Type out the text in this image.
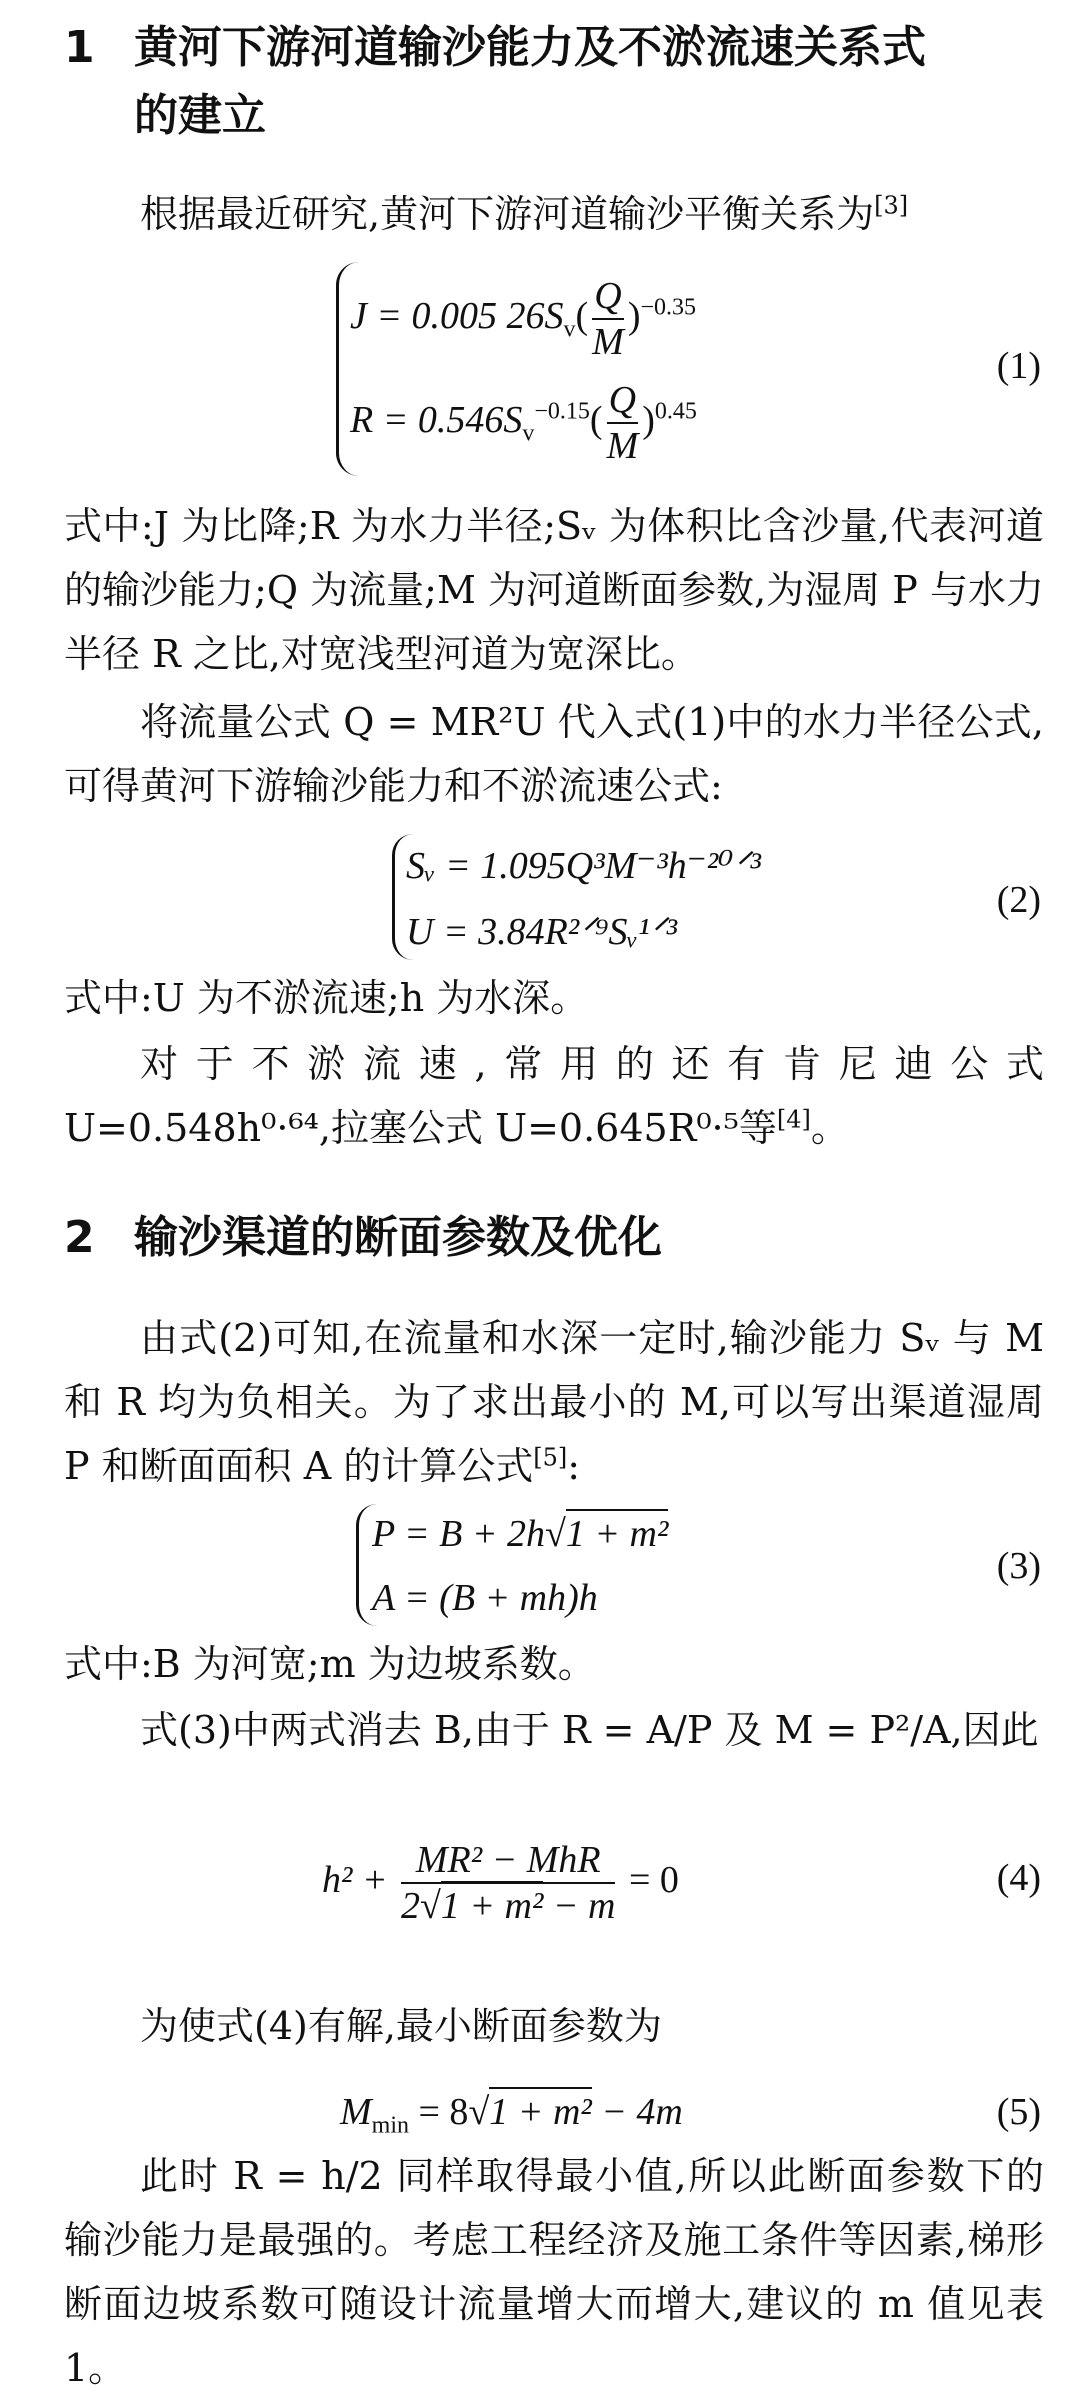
1 黄河下游河道输沙能力及不淤流速关系式
的建立
根据最近研究,黄河下游河道输沙平衡关系为[3]
J = 0.005 $26S_v( \frac{Q}{M} )^{-0.35}$
$R = 0.546S_v^{-0.15}( \frac{Q}{M} )^{0.45}$
(1)
式中:J 为比降;R 为水力半径;Sᵥ 为体积比含沙量,代表河道的输沙能力;Q 为流量;M 为河道断面参数,为湿周 P 与水力半径 R 之比,对宽浅型河道为宽深比。
将流量公式 Q = MR²U 代入式(1)中的水力半径公式,可得黄河下游输沙能力和不淤流速公式:
Sᵥ = 1.095Q³M⁻³h⁻²⁰ᐟ³
U = 3.84R²ᐟ⁹Sᵥ¹ᐟ³
(2)
式中:U 为不淤流速;h 为水深。
对于不淤流速,常用的还有肯尼迪公式
U=0.548h⁰·⁶⁴,拉塞公式 U=0.645R⁰·⁵等[4]。
2 输沙渠道的断面参数及优化
由式(2)可知,在流量和水深一定时,输沙能力 Sᵥ 与 M 和 R 均为负相关。为了求出最小的 M,可以写出渠道湿周 P 和断面面积 A 的计算公式[5]:
P = B + 2h√1 + m²
A = (B + mh)h
(3)
式中:B 为河宽;m 为边坡系数。
式(3)中两式消去 B,由于 R = A/P 及 M = P²/A,因此
$h^2 + \frac{\text{MR² − MhR}}{\text{2√1 + m² − m}} = 0$	(4)
为使式(4)有解,最小断面参数为
$M_{min} = 8√1 + m^2 - 4m$	(5)
此时 R = h/2 同样取得最小值,所以此断面参数下的输沙能力是最强的。考虑工程经济及施工条件等因素,梯形断面边坡系数可随设计流量增大而增大,建议的 m 值见表 1。
